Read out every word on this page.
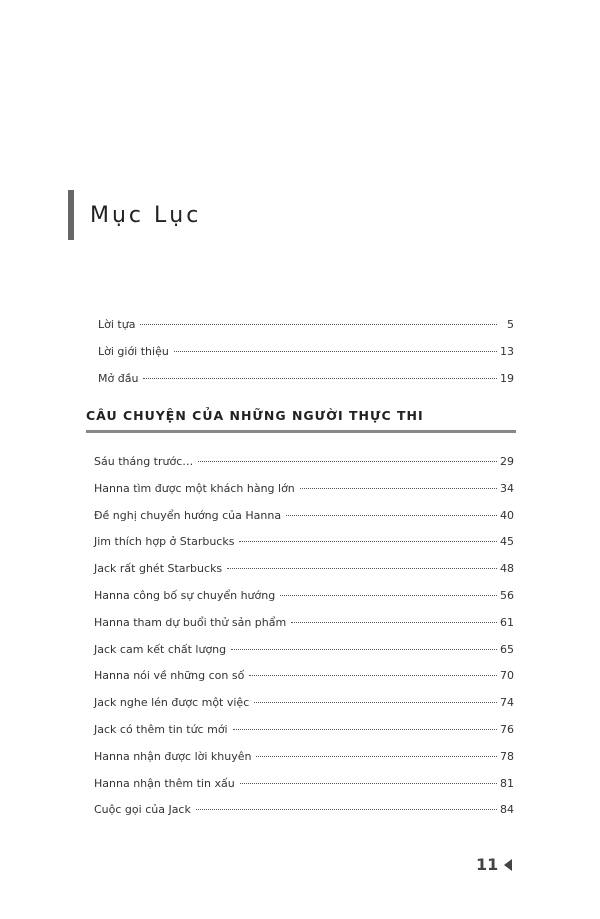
Mục Lục
Lời tựa	5
Lời giới thiệu	13
Mở đầu	19
CÂU CHUYỆN CỦA NHỮNG NGƯỜI THỰC THI
Sáu tháng trước…	29
Hanna tìm được một khách hàng lớn	34
Đề nghị chuyển hướng của Hanna	40
Jim thích hợp ở Starbucks	45
Jack rất ghét Starbucks	48
Hanna công bố sự chuyển hướng	56
Hanna tham dự buổi thử sản phẩm	61
Jack cam kết chất lượng	65
Hanna nói về những con số	70
Jack nghe lén được một việc	74
Jack có thêm tin tức mới	76
Hanna nhận được lời khuyên	78
Hanna nhận thêm tin xấu	81
Cuộc gọi của Jack	84
11
